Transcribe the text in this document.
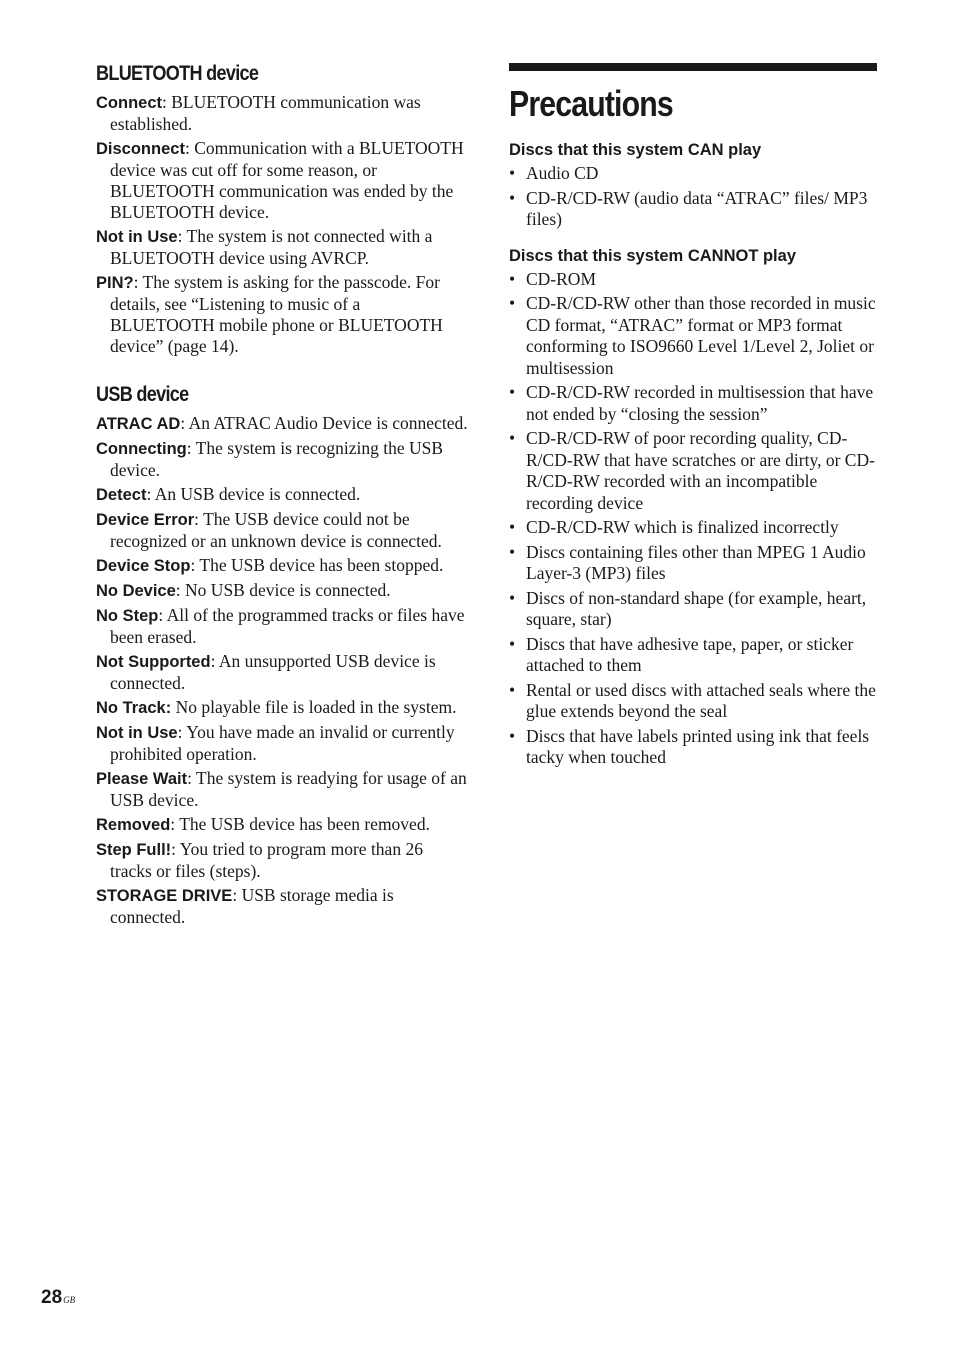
BLUETOOTH device
Connect: BLUETOOTH communication was established.
Disconnect: Communication with a BLUETOOTH device was cut off for some reason, or BLUETOOTH communication was ended by the BLUETOOTH device.
Not in Use: The system is not connected with a BLUETOOTH device using AVRCP.
PIN?: The system is asking for the passcode. For details, see “Listening to music of a BLUETOOTH mobile phone or BLUETOOTH device” (page 14).
USB device
ATRAC AD: An ATRAC Audio Device is connected.
Connecting: The system is recognizing the USB device.
Detect: An USB device is connected.
Device Error: The USB device could not be recognized or an unknown device is connected.
Device Stop: The USB device has been stopped.
No Device: No USB device is connected.
No Step: All of the programmed tracks or files have been erased.
Not Supported: An unsupported USB device is connected.
No Track: No playable file is loaded in the system.
Not in Use: You have made an invalid or currently prohibited operation.
Please Wait: The system is readying for usage of an USB device.
Removed: The USB device has been removed.
Step Full!: You tried to program more than 26 tracks or files (steps).
STORAGE DRIVE: USB storage media is connected.
Precautions
Discs that this system CAN play
• Audio CD
• CD-R/CD-RW (audio data “ATRAC” files/ MP3 files)
Discs that this system CANNOT play
• CD-ROM
• CD-R/CD-RW other than those recorded in music CD format, “ATRAC” format or MP3 format conforming to ISO9660 Level 1/Level 2, Joliet or multisession
• CD-R/CD-RW recorded in multisession that have not ended by “closing the session”
• CD-R/CD-RW of poor recording quality, CD-R/CD-RW that have scratches or are dirty, or CD-R/CD-RW recorded with an incompatible recording device
• CD-R/CD-RW which is finalized incorrectly
• Discs containing files other than MPEG 1 Audio Layer-3 (MP3) files
• Discs of non-standard shape (for example, heart, square, star)
• Discs that have adhesive tape, paper, or sticker attached to them
• Rental or used discs with attached seals where the glue extends beyond the seal
• Discs that have labels printed using ink that feels tacky when touched
$28^{GB}$
